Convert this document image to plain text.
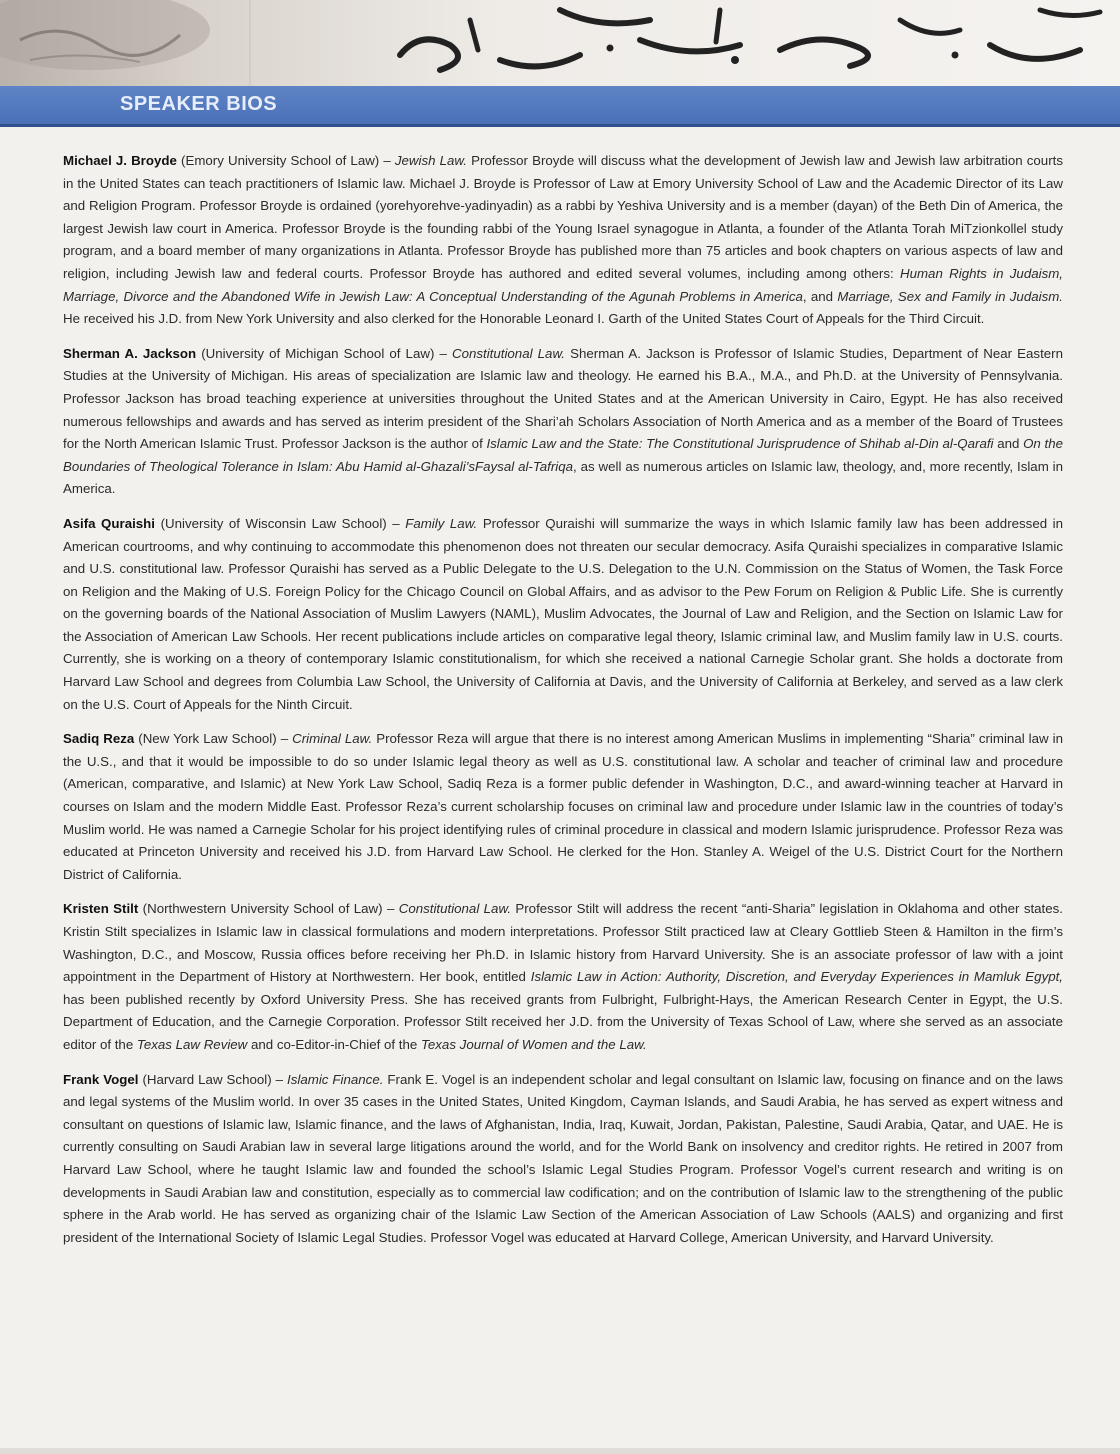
SPEAKER BIOS

Michael J. Broyde (Emory University School of Law) – Jewish Law. Professor Broyde will discuss what the development of Jewish law and Jewish law arbitration courts in the United States can teach practitioners of Islamic law. Michael J. Broyde is Professor of Law at Emory University School of Law and the Academic Director of its Law and Religion Program. Professor Broyde is ordained (yorehyorehve-yadinyadin) as a rabbi by Yeshiva University and is a member (dayan) of the Beth Din of America, the largest Jewish law court in America. Professor Broyde is the founding rabbi of the Young Israel synagogue in Atlanta, a founder of the Atlanta Torah MiTzionkollel study program, and a board member of many organizations in Atlanta. Professor Broyde has published more than 75 articles and book chapters on various aspects of law and religion, including Jewish law and federal courts. Professor Broyde has authored and edited several volumes, including among others: Human Rights in Judaism, Marriage, Divorce and the Abandoned Wife in Jewish Law: A Conceptual Understanding of the Agunah Problems in America, and Marriage, Sex and Family in Judaism. He received his J.D. from New York University and also clerked for the Honorable Leonard I. Garth of the United States Court of Appeals for the Third Circuit.

Sherman A. Jackson (University of Michigan School of Law) – Constitutional Law. Sherman A. Jackson is Professor of Islamic Studies, Department of Near Eastern Studies at the University of Michigan. His areas of specialization are Islamic law and theology. He earned his B.A., M.A., and Ph.D. at the University of Pennsylvania. Professor Jackson has broad teaching experience at universities throughout the United States and at the American University in Cairo, Egypt. He has also received numerous fellowships and awards and has served as interim president of the Shari’ah Scholars Association of North America and as a member of the Board of Trustees for the North American Islamic Trust. Professor Jackson is the author of Islamic Law and the State: The Constitutional Jurisprudence of Shihab al-Din al-Qarafi and On the Boundaries of Theological Tolerance in Islam: Abu Hamid al-Ghazali’sFaysal al-Tafriqa, as well as numerous articles on Islamic law, theology, and, more recently, Islam in America.

Asifa Quraishi (University of Wisconsin Law School) – Family Law. Professor Quraishi will summarize the ways in which Islamic family law has been addressed in American courtrooms, and why continuing to accommodate this phenomenon does not threaten our secular democracy. Asifa Quraishi specializes in comparative Islamic and U.S. constitutional law. Professor Quraishi has served as a Public Delegate to the U.S. Delegation to the U.N. Commission on the Status of Women, the Task Force on Religion and the Making of U.S. Foreign Policy for the Chicago Council on Global Affairs, and as advisor to the Pew Forum on Religion & Public Life. She is currently on the governing boards of the National Association of Muslim Lawyers (NAML), Muslim Advocates, the Journal of Law and Religion, and the Section on Islamic Law for the Association of American Law Schools. Her recent publications include articles on comparative legal theory, Islamic criminal law, and Muslim family law in U.S. courts. Currently, she is working on a theory of contemporary Islamic constitutionalism, for which she received a national Carnegie Scholar grant. She holds a doctorate from Harvard Law School and degrees from Columbia Law School, the University of California at Davis, and the University of California at Berkeley, and served as a law clerk on the U.S. Court of Appeals for the Ninth Circuit.

Sadiq Reza (New York Law School) – Criminal Law. Professor Reza will argue that there is no interest among American Muslims in implementing “Sharia” criminal law in the U.S., and that it would be impossible to do so under Islamic legal theory as well as U.S. constitutional law. A scholar and teacher of criminal law and procedure (American, comparative, and Islamic) at New York Law School, Sadiq Reza is a former public defender in Washington, D.C., and award-winning teacher at Harvard in courses on Islam and the modern Middle East. Professor Reza’s current scholarship focuses on criminal law and procedure under Islamic law in the countries of today’s Muslim world. He was named a Carnegie Scholar for his project identifying rules of criminal procedure in classical and modern Islamic jurisprudence. Professor Reza was educated at Princeton University and received his J.D. from Harvard Law School. He clerked for the Hon. Stanley A. Weigel of the U.S. District Court for the Northern District of California.

Kristen Stilt (Northwestern University School of Law) – Constitutional Law. Professor Stilt will address the recent “anti-Sharia” legislation in Oklahoma and other states. Kristin Stilt specializes in Islamic law in classical formulations and modern interpretations. Professor Stilt practiced law at Cleary Gottlieb Steen & Hamilton in the firm’s Washington, D.C., and Moscow, Russia offices before receiving her Ph.D. in Islamic history from Harvard University. She is an associate professor of law with a joint appointment in the Department of History at Northwestern. Her book, entitled Islamic Law in Action: Authority, Discretion, and Everyday Experiences in Mamluk Egypt, has been published recently by Oxford University Press. She has received grants from Fulbright, Fulbright-Hays, the American Research Center in Egypt, the U.S. Department of Education, and the Carnegie Corporation. Professor Stilt received her J.D. from the University of Texas School of Law, where she served as an associate editor of the Texas Law Review and co-Editor-in-Chief of the Texas Journal of Women and the Law.

Frank Vogel (Harvard Law School) – Islamic Finance. Frank E. Vogel is an independent scholar and legal consultant on Islamic law, focusing on finance and on the laws and legal systems of the Muslim world. In over 35 cases in the United States, United Kingdom, Cayman Islands, and Saudi Arabia, he has served as expert witness and consultant on questions of Islamic law, Islamic finance, and the laws of Afghanistan, India, Iraq, Kuwait, Jordan, Pakistan, Palestine, Saudi Arabia, Qatar, and UAE. He is currently consulting on Saudi Arabian law in several large litigations around the world, and for the World Bank on insolvency and creditor rights. He retired in 2007 from Harvard Law School, where he taught Islamic law and founded the school’s Islamic Legal Studies Program. Professor Vogel’s current research and writing is on developments in Saudi Arabian law and constitution, especially as to commercial law codification; and on the contribution of Islamic law to the strengthening of the public sphere in the Arab world. He has served as organizing chair of the Islamic Law Section of the American Association of Law Schools (AALS) and organizing and first president of the International Society of Islamic Legal Studies. Professor Vogel was educated at Harvard College, American University, and Harvard University.
